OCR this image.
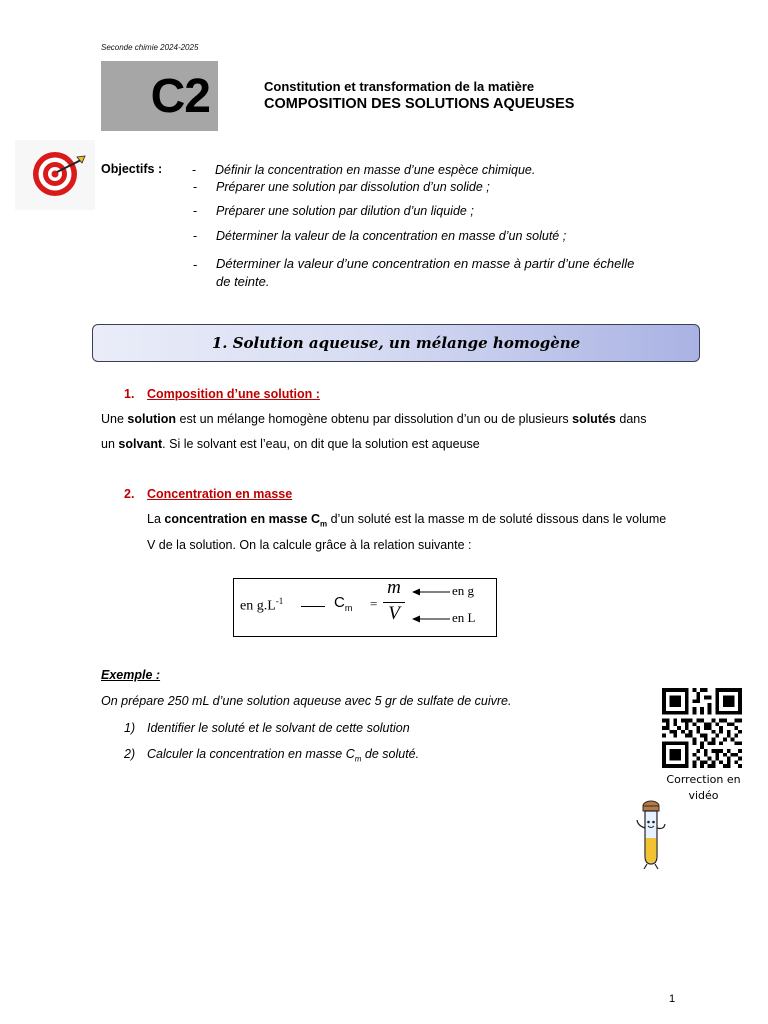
Seconde chimie 2024-2025
C2	Constitution et transformation de la matière
COMPOSITION DES SOLUTIONS AQUEUSES
Objectifs : - Définir la concentration en masse d’une espèce chimique.
- Préparer une solution par dissolution d’un solide ;
- Préparer une solution par dilution d’un liquide ;
- Déterminer la valeur de la concentration en masse d’un soluté ;
- Déterminer la valeur d’une concentration en masse à partir d’une échelle
de teinte.
1. Solution aqueuse, un mélange homogène
1. Composition d’une solution :
Une solution est un mélange homogène obtenu par dissolution d’un ou de plusieurs solutés dans
un solvant. Si le solvant est l’eau, on dit que la solution est aqueuse
2. Concentration en masse
La concentration en masse $C_m$ d’un soluté est la masse m de soluté dissous dans le volume
V de la solution. On la calcule grâce à la relation suivante :
en $g.L^{-1}$	$C_m$ =
m
V
en g
en L
Exemple :
On prépare 250 mL d’une solution aqueuse avec 5 gr de sulfate de cuivre.
1) Identifier le soluté et le solvant de cette solution
2) Calculer la concentration en masse $C_m$ de soluté.
Correction en
vidéo
1
